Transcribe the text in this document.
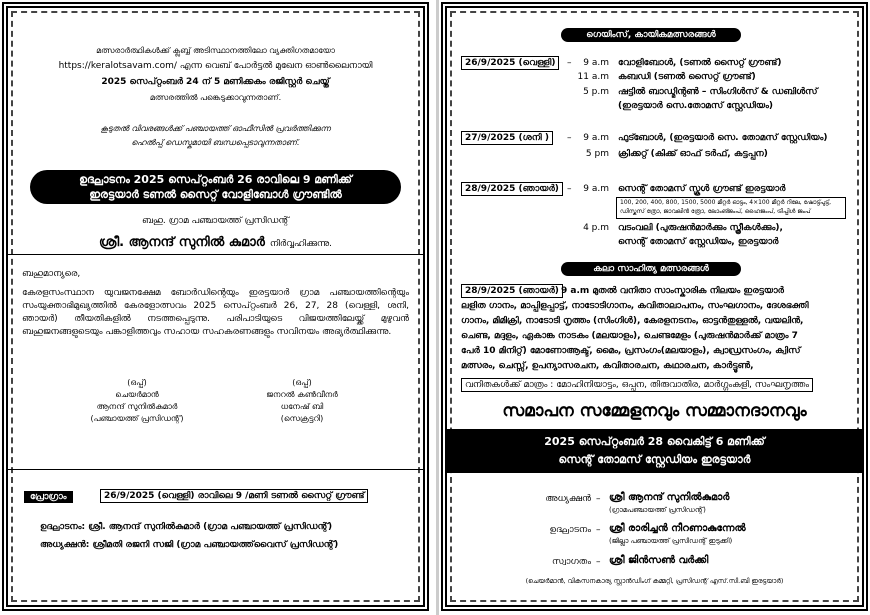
മത്സരാർത്ഥികൾക്ക് ക്ലബ്ബ് അടിസ്ഥാനത്തിലോ വ്യക്തിഗതമായോ
https://keralotsavam.com/ എന്ന വെബ് പോർട്ടൽ മുഖേന ഓൺലൈനായി
2025 സെപ്റ്റംബർ 24 ന് 5 മണിക്കകം രജിസ്റ്റർ ചെയ്ത്
മത്സരത്തിൽ പങ്കെടുക്കാവുന്നതാണ്.
കൂടുതൽ വിവരങ്ങൾക്ക് പഞ്ചായത്ത് ഓഫീസിൽ പ്രവർത്തിക്കുന്ന
ഹെൽപ്പ് ഡെസ്കുമായി ബന്ധപ്പെടാവുന്നതാണ്.
ഉദ്ഘാടനം 2025 സെപ്റ്റംബർ 26 രാവിലെ 9 മണിക്ക്
ഇരട്ടയാർ ടണൽ സൈറ്റ് വോളിബോൾ ഗ്രൗണ്ടിൽ
ബഹു. ഗ്രാമ പഞ്ചായത്ത് പ്രസിഡന്റ്
ശ്രീ. ആനന്ദ് സുനിൽ കുമാർ നിർവ്വഹിക്കുന്നു.
ബഹുമാന്യരെ,
കേരളസംസ്ഥാന യുവജനക്ഷേമ ബോർഡിന്റെയും ഇരട്ടയാർ ഗ്രാമ പഞ്ചായത്തിന്റെയും സംയുക്താഭിമുഖ്യത്തിൽ കേരളോത്സവം 2025 സെപ്റ്റംബർ 26, 27, 28 (വെള്ളി, ശനി, ഞായർ) തീയതികളിൽ നടത്തപ്പെടുന്നു. പരിപാടിയുടെ വിജയത്തിലേയ്ക്ക് മുഴുവൻ ബഹുജനങ്ങളുടെയും പങ്കാളിത്തവും സഹായ സഹകരണങ്ങളും സവിനയം അഭ്യർത്ഥിക്കുന്നു.
(ഒപ്പ്)
ചെയർമാൻ
ആനന്ദ് സുനിൽകുമാർ
(പഞ്ചായത്ത് പ്രസിഡന്റ്)
(ഒപ്പ്)
ജനറൽ കൺവീനർ
ധനേഷ് ബി
(സെക്രട്ടറി)
പ്രോഗ്രാം	26/9/2025 (വെള്ളി) രാവിലെ 9 /മണി ടണൽ സൈറ്റ് ഗ്രൗണ്ട്
ഉദ്ഘാടനം: ശ്രീ. ആനന്ദ് സുനിൽകുമാർ (ഗ്രാമ പഞ്ചായത്ത് പ്രസിഡന്റ്)
അധ്യക്ഷൻ: ശ്രീമതി രജനി സജി (ഗ്രാമ പഞ്ചായത്ത്‌വൈസ് പ്രസിഡന്റ്)
ഗെയിംസ്, കായികമത്സരങ്ങൾ
26/9/2025 (വെള്ളി)	–	9 a.m വോളിബോൾ, (ടണൽ സൈറ്റ് ഗ്രൗണ്ട്)
11 a.m കബഡി (ടണൽ സൈറ്റ് ഗ്രൗണ്ട്)
5 p.m ഷട്ടിൽ ബാഡ്മിന്റൺ – സിംഗിൾസ് & ഡബിൾസ്
(ഇരട്ടയാർ സെ.തോമസ് സ്റ്റേഡിയം)
27/9/2025 (ശനി )	–	9 a.m ഫുട്ബോൾ, (ഇരട്ടയാർ സെ. തോമസ് സ്റ്റേഡിയം)
5 pm ക്രിക്കറ്റ് (കിക്ക് ഓഫ് ടർഫ്, കട്ടപ്പന)
28/9/2025 (ഞായർ) –	9 a.m സെന്റ് തോമസ് സ്കൂൾ ഗ്രൗണ്ട് ഇരട്ടയാർ
100, 200, 400, 800, 1500, 5000 മീറ്റർ ഓട്ടം, 4×100 മീറ്റർ റിലേ, ഷോട്ട്പുട്ട്,
ഡിസ്കസ് ത്രോ, ജാവലിൻ ത്രോ, ലോംങ്ജംപ്, ഹൈജംപ്, ട്രിപ്പിൾ ജംപ്
4 p.m വടംവലി (പുരുഷൻമാർക്കും സ്ത്രീകൾക്കും),
സെന്റ് തോമസ് സ്റ്റേഡിയം, ഇരട്ടയാർ
കലാ സാഹിത്യ മത്സരങ്ങൾ
28/9/2025 (ഞായർ) 9 a.m മുതൽ വനിതാ സാംസ്കാരിക നിലയം ഇരട്ടയാർ
ലളിത ഗാനം, മാപ്പിളപ്പാട്ട്, നാടോടിഗാനം, കവിതാലാപനം, സംഘഗാനം, ദേശഭക്തി
ഗാനം, മിമിക്രി, നാടോടി നൃത്തം (സിംഗിൾ), കേരളനടനം, ഓട്ടൻതുള്ളൽ, വയലിൻ,
ചെണ്ട, മദ്ദളം, ഏകാങ്ക നാടകം (മലയാളം), ചെണ്ടമേളം (പുരുഷൻമാർക്ക് മാത്രം 7
പേർ 10 മിനിറ്റ്) മോണോആക്ട്, മൈം, പ്രസംഗം(മലയാളം), ക്വാഡ്രസംഗം, ക്വിസ്
മത്സരം, ചെസ്സ്, ഉപന്യാസരചന, കവിതാരചന, കഥാരചന, കാർട്ടൂൺ,
വനിതകൾക്ക് മാത്രം : മോഹിനിയാട്ടം, ഒപ്പന, തിരുവാതിര, മാർഗ്ഗംകളി, സംഘനൃത്തം
സമാപന സമ്മേളനവും സമ്മാനദാനവും
2025 സെപ്റ്റംബർ 28 വൈകിട്ട് 6 മണിക്ക്
സെന്റ് തോമസ് സ്റ്റേഡിയം ഇരട്ടയാർ
അധ്യക്ഷൻ – ശ്രീ ആനന്ദ് സുനിൽകുമാർ
(ഗ്രാമപഞ്ചായത്ത് പ്രസിഡന്റ്)
ഉദ്ഘാടനം – ശ്രീ രാരിച്ചൻ നീറണാകുന്നേൽ
(ജില്ലാ പഞ്ചായത്ത് പ്രസിഡന്റ് ഇടുക്കി)
സ്വാഗതം – ശ്രീ ജിൻസൺ വർക്കി
(ചെയർമാൻ, വികസനകാര്യ സ്റ്റാൻഡിംഗ് കമ്മറ്റി, പ്രസിഡന്റ് എസ്.സി.ബി ഇരട്ടയാർ)
